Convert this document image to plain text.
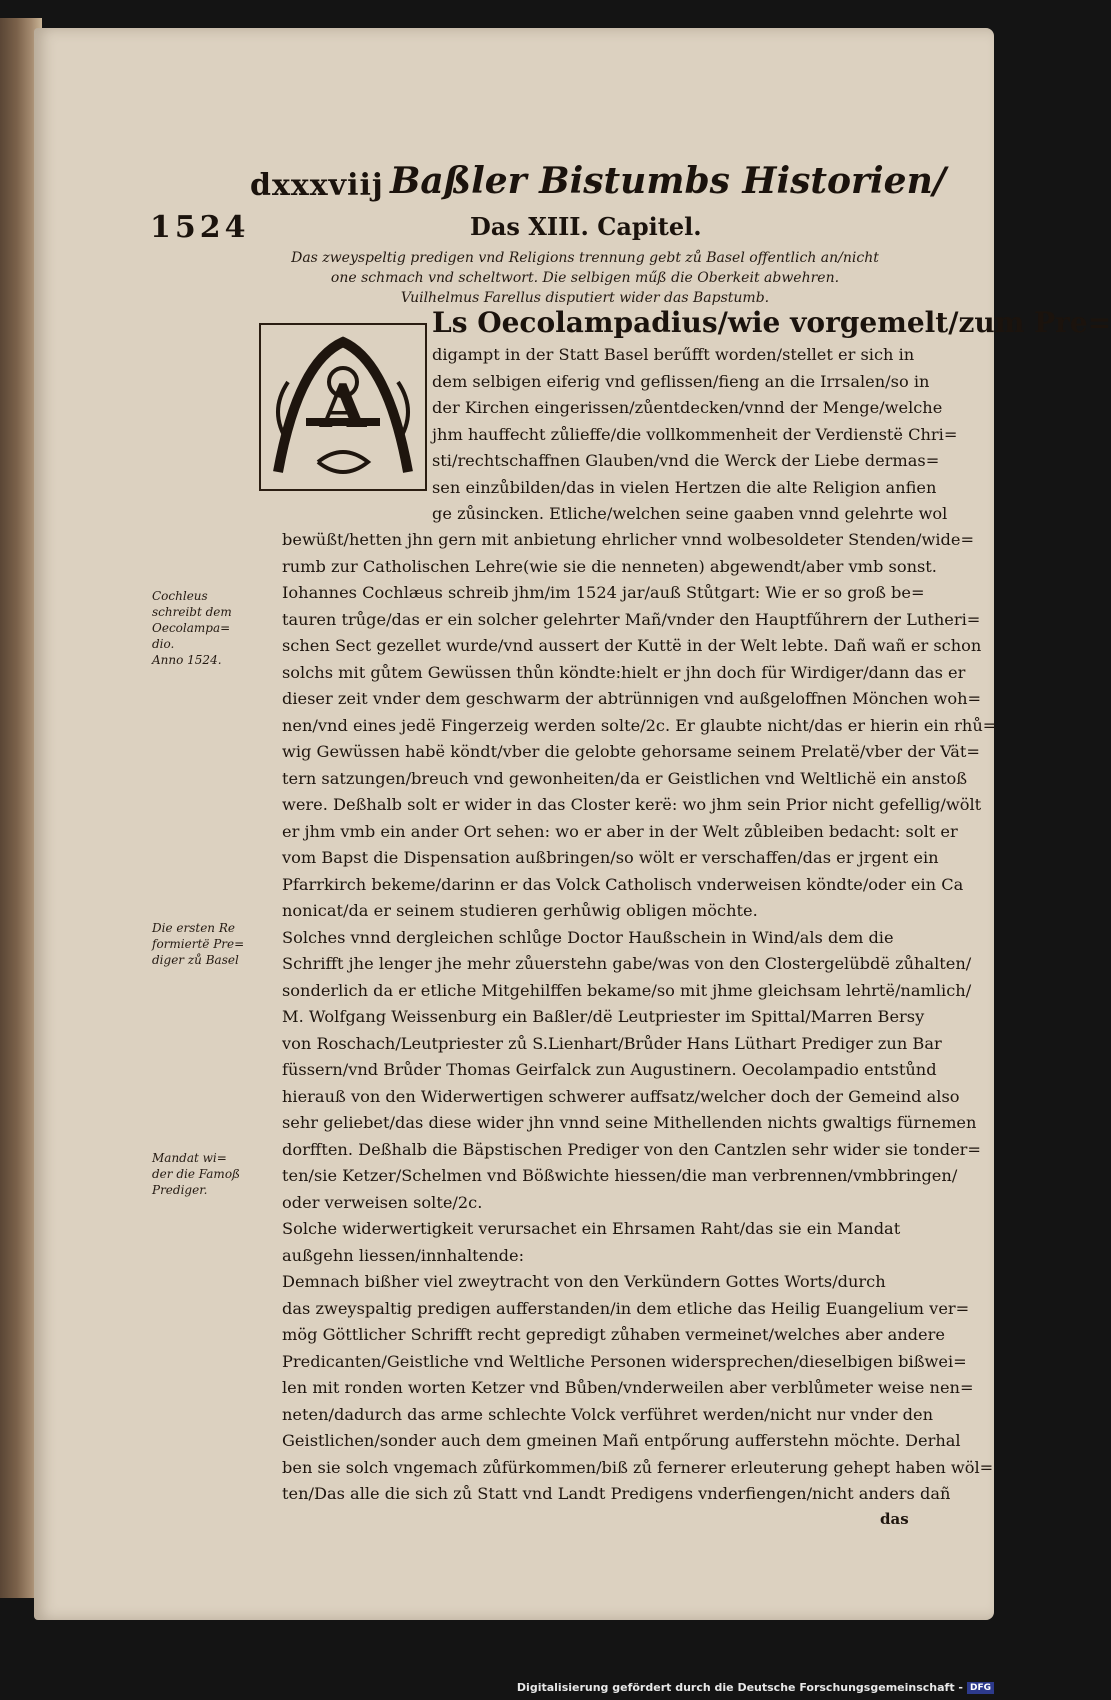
dxxxviij Baßler Bistumbs Historien/
1524	Das XIII. Capitel.
Das zweyspeltig predigen vnd Religions trennung gebt zů Basel offentlich an/nicht
one schmach vnd scheltwort. Die selbigen műß die Oberkeit abwehren.
Vuilhelmus Farellus disputiert wider das Bapstumb.
A
Ls Oecolampadius/wie vorgemelt/zum Pre=
digampt in der Statt Basel berűfft worden/stellet er sich in
dem selbigen eiferig vnd geflissen/fieng an die Irrsalen/so in
der Kirchen eingerissen/zůentdecken/vnnd der Menge/welche
jhm hauffecht zůlieffe/die vollkommenheit der Verdienstë Chri=
sti/rechtschaffnen Glauben/vnd die Werck der Liebe dermas=
sen einzůbilden/das in vielen Hertzen die alte Religion anfien
ge zůsincken. Etliche/welchen seine gaaben vnnd gelehrte wol
bewüßt/hetten jhn gern mit anbietung ehrlicher vnnd wolbesoldeter Stenden/wide=
rumb zur Catholischen Lehre(wie sie die nenneten) abgewendt/aber vmb sonst.
Iohannes Cochlæus schreib jhm/im 1524 jar/auß Stůtgart: Wie er so groß be=
tauren trůge/das er ein solcher gelehrter Mañ/vnder den Hauptfűhrern der Lutheri=
schen Sect gezellet wurde/vnd aussert der Kuttë in der Welt lebte. Dañ wañ er schon
solchs mit gůtem Gewüssen thůn köndte:hielt er jhn doch für Wirdiger/dann das er
dieser zeit vnder dem geschwarm der abtrünnigen vnd außgeloffnen Mönchen woh=
nen/vnd eines jedë Fingerzeig werden solte/2c. Er glaubte nicht/das er hierin ein rhů=
wig Gewüssen habë köndt/vber die gelobte gehorsame seinem Prelatë/vber der Vät=
tern satzungen/breuch vnd gewonheiten/da er Geistlichen vnd Weltlichë ein anstoß
were. Deßhalb solt er wider in das Closter kerë: wo jhm sein Prior nicht gefellig/wölt
er jhm vmb ein ander Ort sehen: wo er aber in der Welt zůbleiben bedacht: solt er
vom Bapst die Dispensation außbringen/so wölt er verschaffen/das er jrgent ein
Pfarrkirch bekeme/darinn er das Volck Catholisch vnderweisen köndte/oder ein Ca
nonicat/da er seinem studieren gerhůwig obligen möchte.
Solches vnnd dergleichen schlůge Doctor Haußschein in Wind/als dem die
Schrifft jhe lenger jhe mehr zůuerstehn gabe/was von den Clostergelübdë zůhalten/
sonderlich da er etliche Mitgehilffen bekame/so mit jhme gleichsam lehrtë/namlich/
M. Wolfgang Weissenburg ein Baßler/dë Leutpriester im Spittal/Marren Bersy
von Roschach/Leutpriester zů S.Lienhart/Brůder Hans Lüthart Prediger zun Bar
füssern/vnd Brůder Thomas Geirfalck zun Augustinern. Oecolampadio entstůnd
hierauß von den Widerwertigen schwerer auffsatz/welcher doch der Gemeind also
sehr geliebet/das diese wider jhn vnnd seine Mithellenden nichts gwaltigs fürnemen
dorfften. Deßhalb die Bäpstischen Prediger von den Cantzlen sehr wider sie tonder=
ten/sie Ketzer/Schelmen vnd Bößwichte hiessen/die man verbrennen/vmbbringen/
oder verweisen solte/2c.
Solche widerwertigkeit verursachet ein Ehrsamen Raht/das sie ein Mandat
außgehn liessen/innhaltende:
Demnach bißher viel zweytracht von den Verkündern Gottes Worts/durch
das zweyspaltig predigen aufferstanden/in dem etliche das Heilig Euangelium ver=
mög Göttlicher Schrifft recht gepredigt zůhaben vermeinet/welches aber andere
Predicanten/Geistliche vnd Weltliche Personen widersprechen/dieselbigen bißwei=
len mit ronden worten Ketzer vnd Bůben/vnderweilen aber verblůmeter weise nen=
neten/dadurch das arme schlechte Volck verführet werden/nicht nur vnder den
Geistlichen/sonder auch dem gmeinen Mañ entpőrung aufferstehn möchte. Derhal
ben sie solch vngemach zůfürkommen/biß zů fernerer erleuterung gehept haben wöl=
ten/Das alle die sich zů Statt vnd Landt Predigens vnderfiengen/nicht anders dañ
Cochleus
schreibt dem
Oecolampa=
dio.
Anno 1524.
Die ersten Re
formiertë Pre=
diger zů Basel
Mandat wi=
der die Famoß
Prediger.
das
Digitalisierung gefördert durch die Deutsche Forschungsgemeinschaft - DFG
